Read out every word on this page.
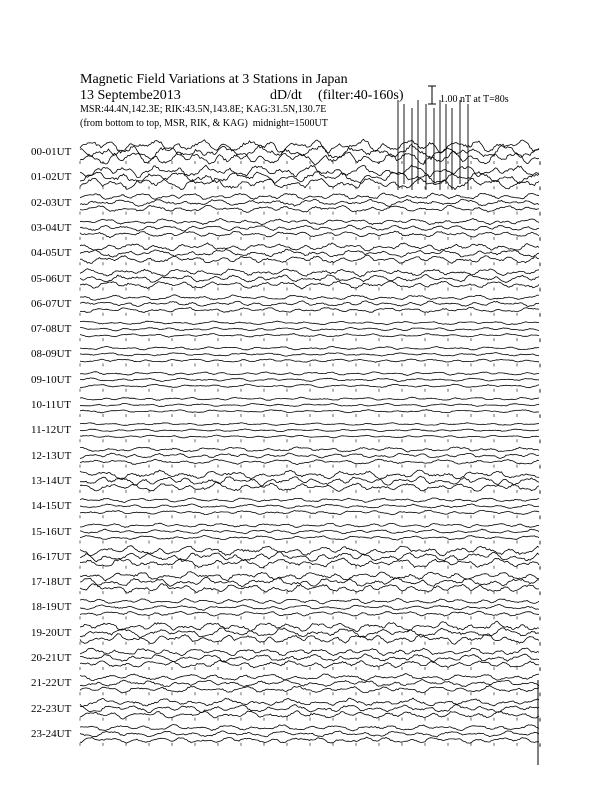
Magnetic Field Variations at 3 Stations in Japan
13 Septembe2013	dD/dt (filter:40-160s)
MSR:44.4N,142.3E; RIK:43.5N,143.8E; KAG:31.5N,130.7E
(from bottom to top, MSR, RIK, & KAG) midnight=1500UT
1.00 nT at T=80s
00-01UT
01-02UT
02-03UT
03-04UT
04-05UT
05-06UT
06-07UT
07-08UT
08-09UT
09-10UT
10-11UT
11-12UT
12-13UT
13-14UT
14-15UT
15-16UT
16-17UT
17-18UT
18-19UT
19-20UT
20-21UT
21-22UT
22-23UT
23-24UT
